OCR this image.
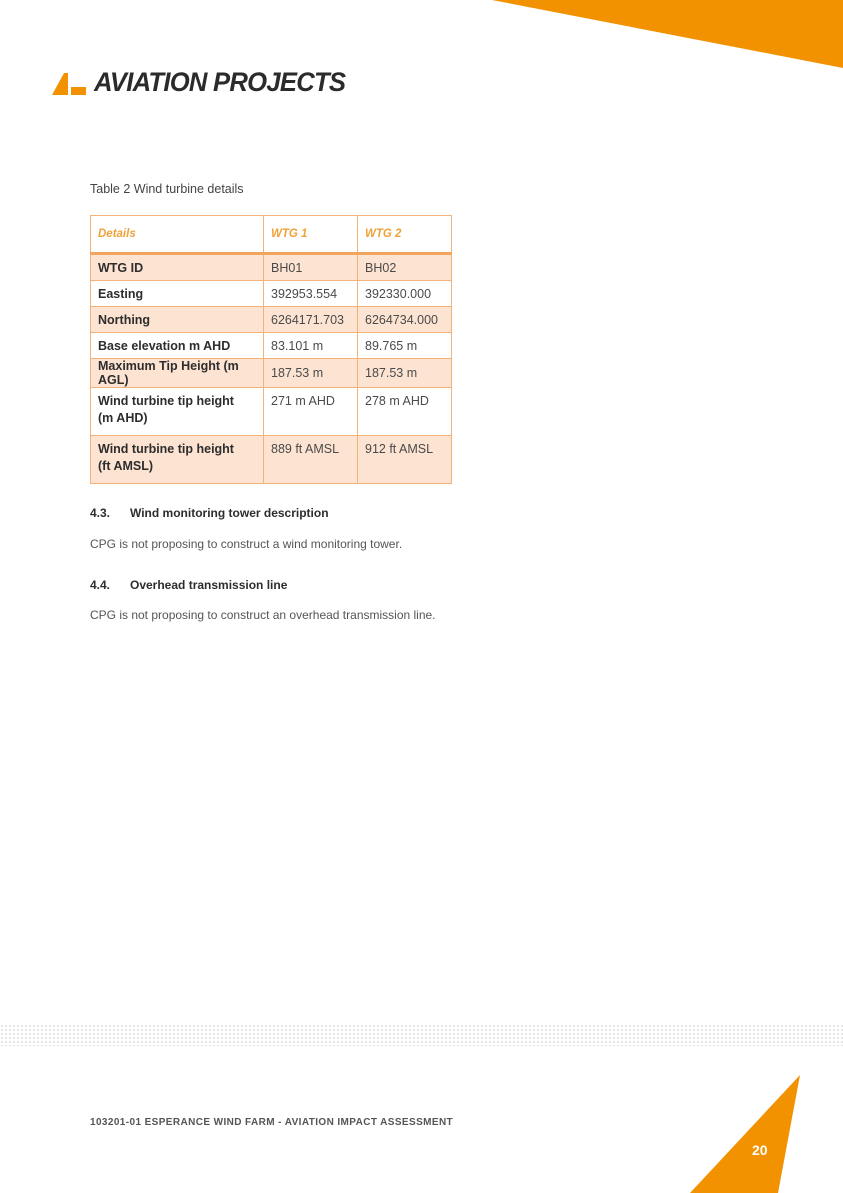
AVIATION PROJECTS
Table 2 Wind turbine details
Details	WTG 1	WTG 2
WTG ID	BH01	BH02
Easting	392953.554	392330.000
Northing	6264171.703	6264734.000
Base elevation m AHD	83.101 m	89.765 m
Maximum Tip Height (m AGL)	187.53 m	187.53 m
Wind turbine tip height
(m AHD)	271 m AHD	278 m AHD
Wind turbine tip height
(ft AMSL)	889 ft AMSL	912 ft AMSL
4.3. Wind monitoring tower description
CPG is not proposing to construct a wind monitoring tower.
4.4. Overhead transmission line
CPG is not proposing to construct an overhead transmission line.
103201-01 ESPERANCE WIND FARM - AVIATION IMPACT ASSESSMENT
20
